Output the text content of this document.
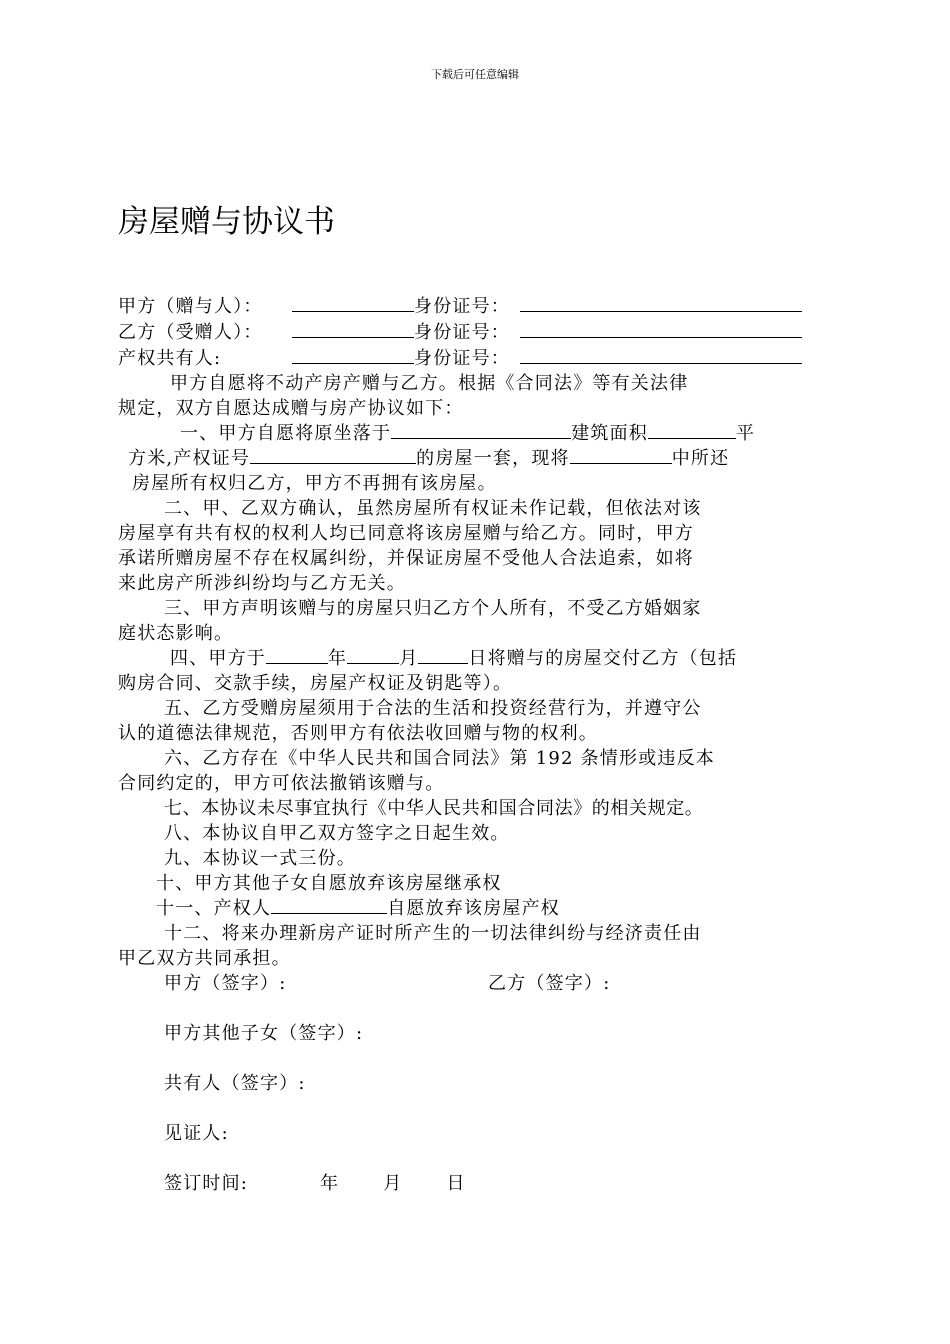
下载后可任意编辑
房屋赠与协议书
甲方（赠与人）：	身份证号：
乙方（受赠人）：	身份证号：
产权共有人:	身份证号：
甲方自愿将不动产房产赠与乙方。根据《合同法》等有关法律
规定，双方自愿达成赠与房产协议如下：
一、甲方自愿将原坐落于	建筑面积	平
方米,产权证号	的房屋一套，现将	中所还
房屋所有权归乙方，甲方不再拥有该房屋。
二、甲、乙双方确认，虽然房屋所有权证未作记载，但依法对该
房屋享有共有权的权利人均已同意将该房屋赠与给乙方。同时，甲方
承诺所赠房屋不存在权属纠纷，并保证房屋不受他人合法追索，如将
来此房产所涉纠纷均与乙方无关。
三、甲方声明该赠与的房屋只归乙方个人所有，不受乙方婚姻家
庭状态影响。
四、甲方于	年	月	日将赠与的房屋交付乙方（包括
购房合同、交款手续，房屋产权证及钥匙等）。
五、乙方受赠房屋须用于合法的生活和投资经营行为，并遵守公
认的道德法律规范，否则甲方有依法收回赠与物的权利。
六、乙方存在《中华人民共和国合同法》第 192 条情形或违反本
合同约定的，甲方可依法撤销该赠与。
七、本协议未尽事宜执行《中华人民共和国合同法》的相关规定。
八、本协议自甲乙双方签字之日起生效。
九、本协议一式三份。
十、甲方其他子女自愿放弃该房屋继承权
十一、产权人	自愿放弃该房屋产权
十二、将来办理新房产证时所产生的一切法律纠纷与经济责任由
甲乙双方共同承担。
甲方（签字）:	乙方（签字）:
甲方其他子女（签字）:
共有人（签字）:
见证人:
签订时间:	年 月 日
